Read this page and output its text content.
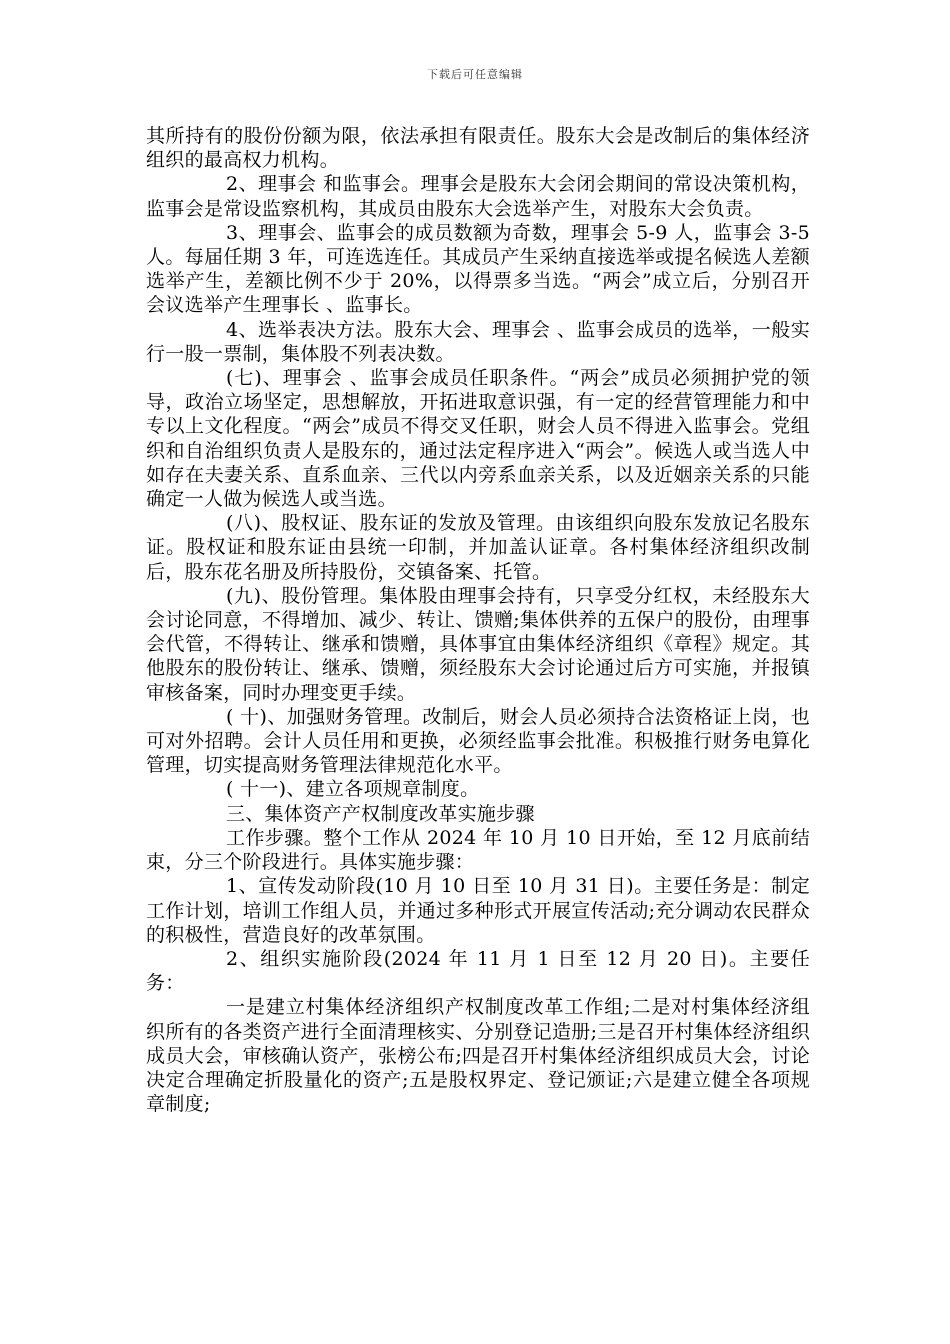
下载后可任意编辑

其所持有的股份份额为限，依法承担有限责任。股东大会是改制后的集体经济组织的最高权力机构。

2、理事会 和监事会。理事会是股东大会闭会期间的常设决策机构，监事会是常设监察机构，其成员由股东大会选举产生，对股东大会负责。

3、理事会、监事会的成员数额为奇数，理事会 5-9 人，监事会 3-5 人。每届任期 3 年，可连选连任。其成员产生采纳直接选举或提名候选人差额选举产生，差额比例不少于 20%，以得票多当选。“两会”成立后，分别召开会议选举产生理事长 、监事长。

4、选举表决方法。股东大会、理事会 、监事会成员的选举，一般实行一股一票制，集体股不列表决数。

(七)、理事会 、监事会成员任职条件。“两会”成员必须拥护党的领导，政治立场坚定，思想解放，开拓进取意识强，有一定的经营管理能力和中专以上文化程度。“两会”成员不得交叉任职，财会人员不得进入监事会。党组织和自治组织负责人是股东的，通过法定程序进入“两会”。候选人或当选人中如存在夫妻关系、直系血亲、三代以内旁系血亲关系，以及近姻亲关系的只能确定一人做为候选人或当选。

(八)、股权证、股东证的发放及管理。由该组织向股东发放记名股东证。股权证和股东证由县统一印制，并加盖认证章。各村集体经济组织改制后，股东花名册及所持股份，交镇备案、托管。

(九)、股份管理。集体股由理事会持有，只享受分红权，未经股东大会讨论同意，不得增加、减少、转让、馈赠;集体供养的五保户的股份，由理事会代管，不得转让、继承和馈赠，具体事宜由集体经济组织《章程》规定。其他股东的股份转让、继承、馈赠，须经股东大会讨论通过后方可实施，并报镇审核备案，同时办理变更手续。

( 十)、加强财务管理。改制后，财会人员必须持合法资格证上岗，也可对外招聘。会计人员任用和更换，必须经监事会批准。积极推行财务电算化管理，切实提高财务管理法律规范化水平。

( 十一)、建立各项规章制度。

三、集体资产产权制度改革实施步骤

工作步骤。整个工作从 2024 年 10 月 10 日开始，至 12 月底前结束，分三个阶段进行。具体实施步骤：

1、宣传发动阶段(10 月 10 日至 10 月 31 日)。主要任务是：制定工作计划，培训工作组人员，并通过多种形式开展宣传活动;充分调动农民群众的积极性，营造良好的改革氛围。

2、组织实施阶段(2024 年 11 月 1 日至 12 月 20 日)。主要任务：

一是建立村集体经济组织产权制度改革工作组;二是对村集体经济组织所有的各类资产进行全面清理核实、分别登记造册;三是召开村集体经济组织成员大会，审核确认资产，张榜公布;四是召开村集体经济组织成员大会，讨论决定合理确定折股量化的资产;五是股权界定、登记颁证;六是建立健全各项规章制度;
